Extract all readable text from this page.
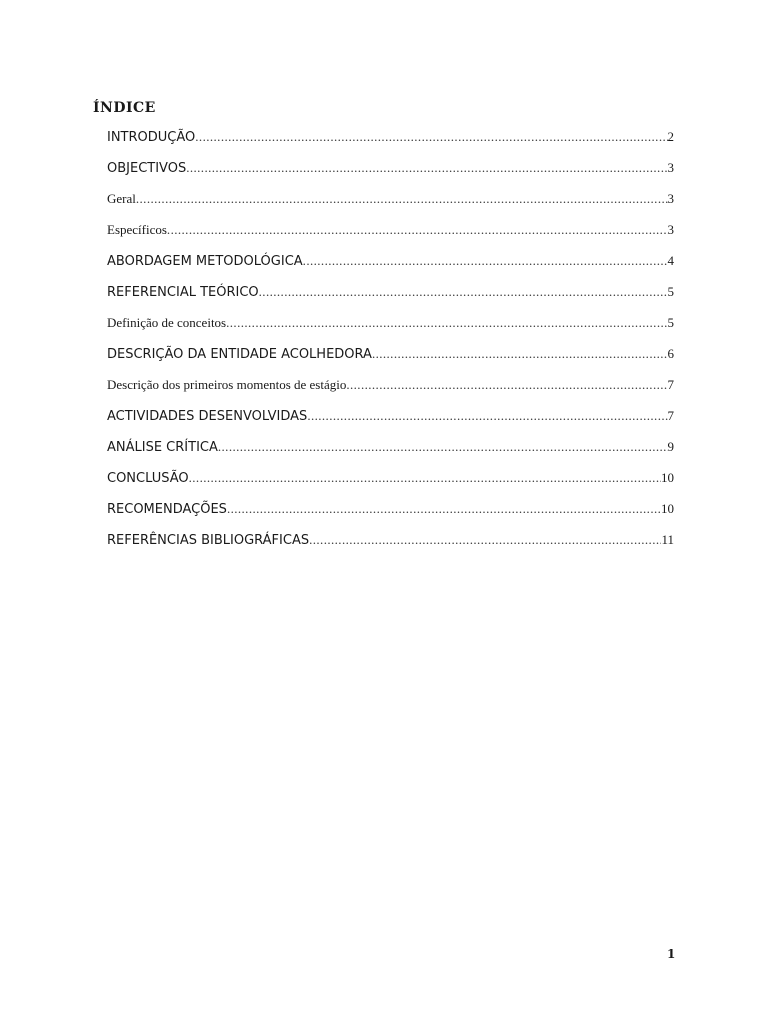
ÍNDICE
INTRODUÇÃO .....	2
OBJECTIVOS .....	3
Geral .....	3
Específicos .....	3
ABORDAGEM METODOLÓGICA .....	4
REFERENCIAL TEÓRICO .....	5
Definição de conceitos .....	5
DESCRIÇÃO DA ENTIDADE ACOLHEDORA .....	6
Descrição dos primeiros momentos de estágio .....	7
ACTIVIDADES DESENVOLVIDAS .....	7
ANÁLISE CRÍTICA .....	9
CONCLUSÃO .....	10
RECOMENDAÇÕES .....	10
REFERÊNCIAS BIBLIOGRÁFICAS .....	11
1
